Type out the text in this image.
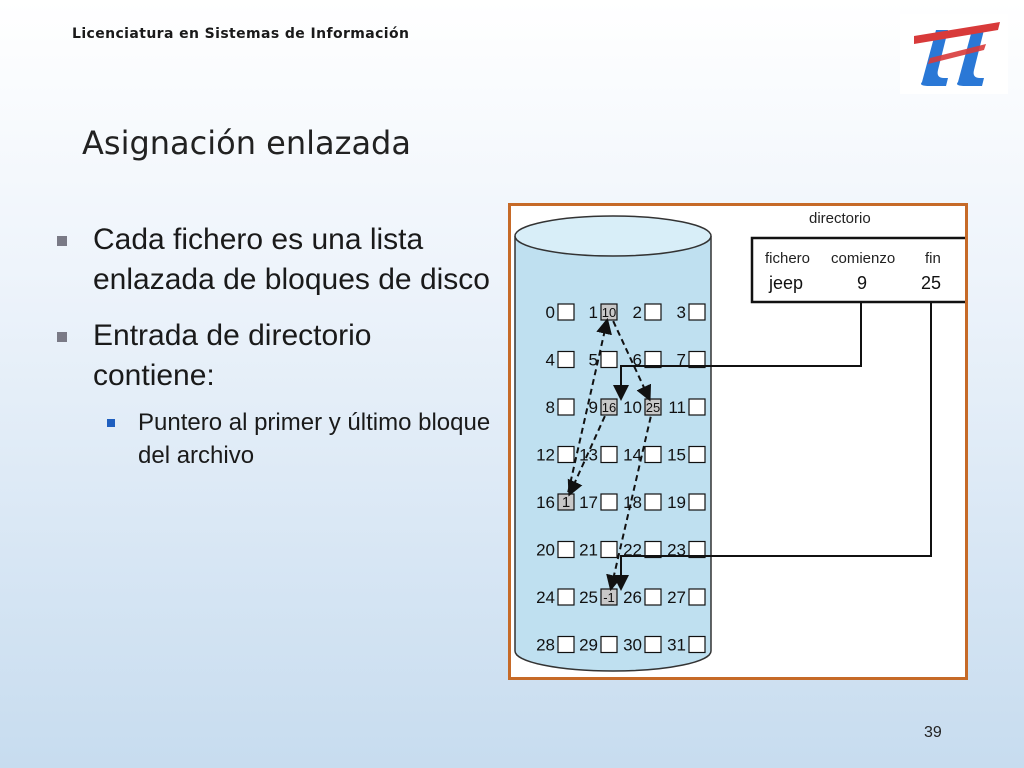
Licenciatura en Sistemas de Información
Asignación enlazada
Cada fichero es una lista enlazada de bloques de disco
Entrada de directorio contiene:
Puntero al primer y último bloque del archivo
0 1 10 2 3
4 5 6 7
8 9 16 10 25 11
12 13 14 15
16 1 17 18 19
20 21 22 23
24 25 -1 26 27
28 29 30 31
directorio
fichero comienzo fin
jeep	9	25
39
